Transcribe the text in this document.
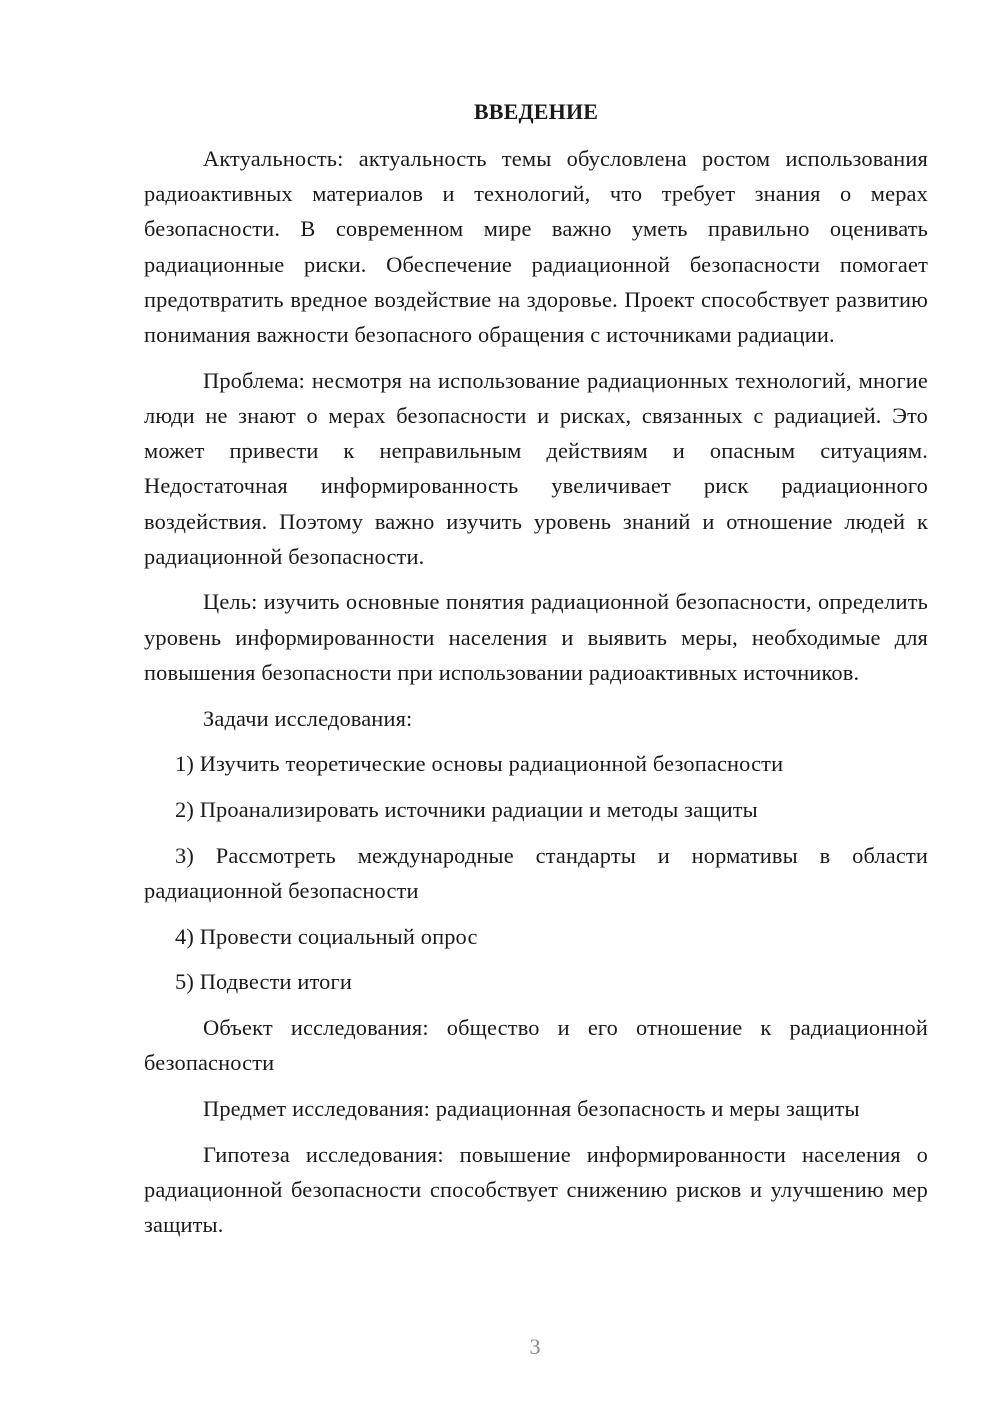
ВВЕДЕНИЕ

Актуальность: актуальность темы обусловлена ростом использования радиоактивных материалов и технологий, что требует знания о мерах безопасности. В современном мире важно уметь правильно оценивать радиационные риски. Обеспечение радиационной безопасности помогает предотвратить вредное воздействие на здоровье. Проект способствует развитию понимания важности безопасного обращения с источниками радиации.

Проблема: несмотря на использование радиационных технологий, многие люди не знают о мерах безопасности и рисках, связанных с радиацией. Это может привести к неправильным действиям и опасным ситуациям. Недостаточная информированность увеличивает риск радиационного воздействия. Поэтому важно изучить уровень знаний и отношение людей к радиационной безопасности.

Цель: изучить основные понятия радиационной безопасности, определить уровень информированности населения и выявить меры, необходимые для повышения безопасности при использовании радиоактивных источников.

Задачи исследования:

1) Изучить теоретические основы радиационной безопасности

2) Проанализировать источники радиации и методы защиты

3) Рассмотреть международные стандарты и нормативы в области радиационной безопасности

4) Провести социальный опрос

5) Подвести итоги

Объект исследования: общество и его отношение к радиационной безопасности

Предмет исследования: радиационная безопасность и меры защиты

Гипотеза исследования: повышение информированности населения о радиационной безопасности способствует снижению рисков и улучшению мер защиты.

3
